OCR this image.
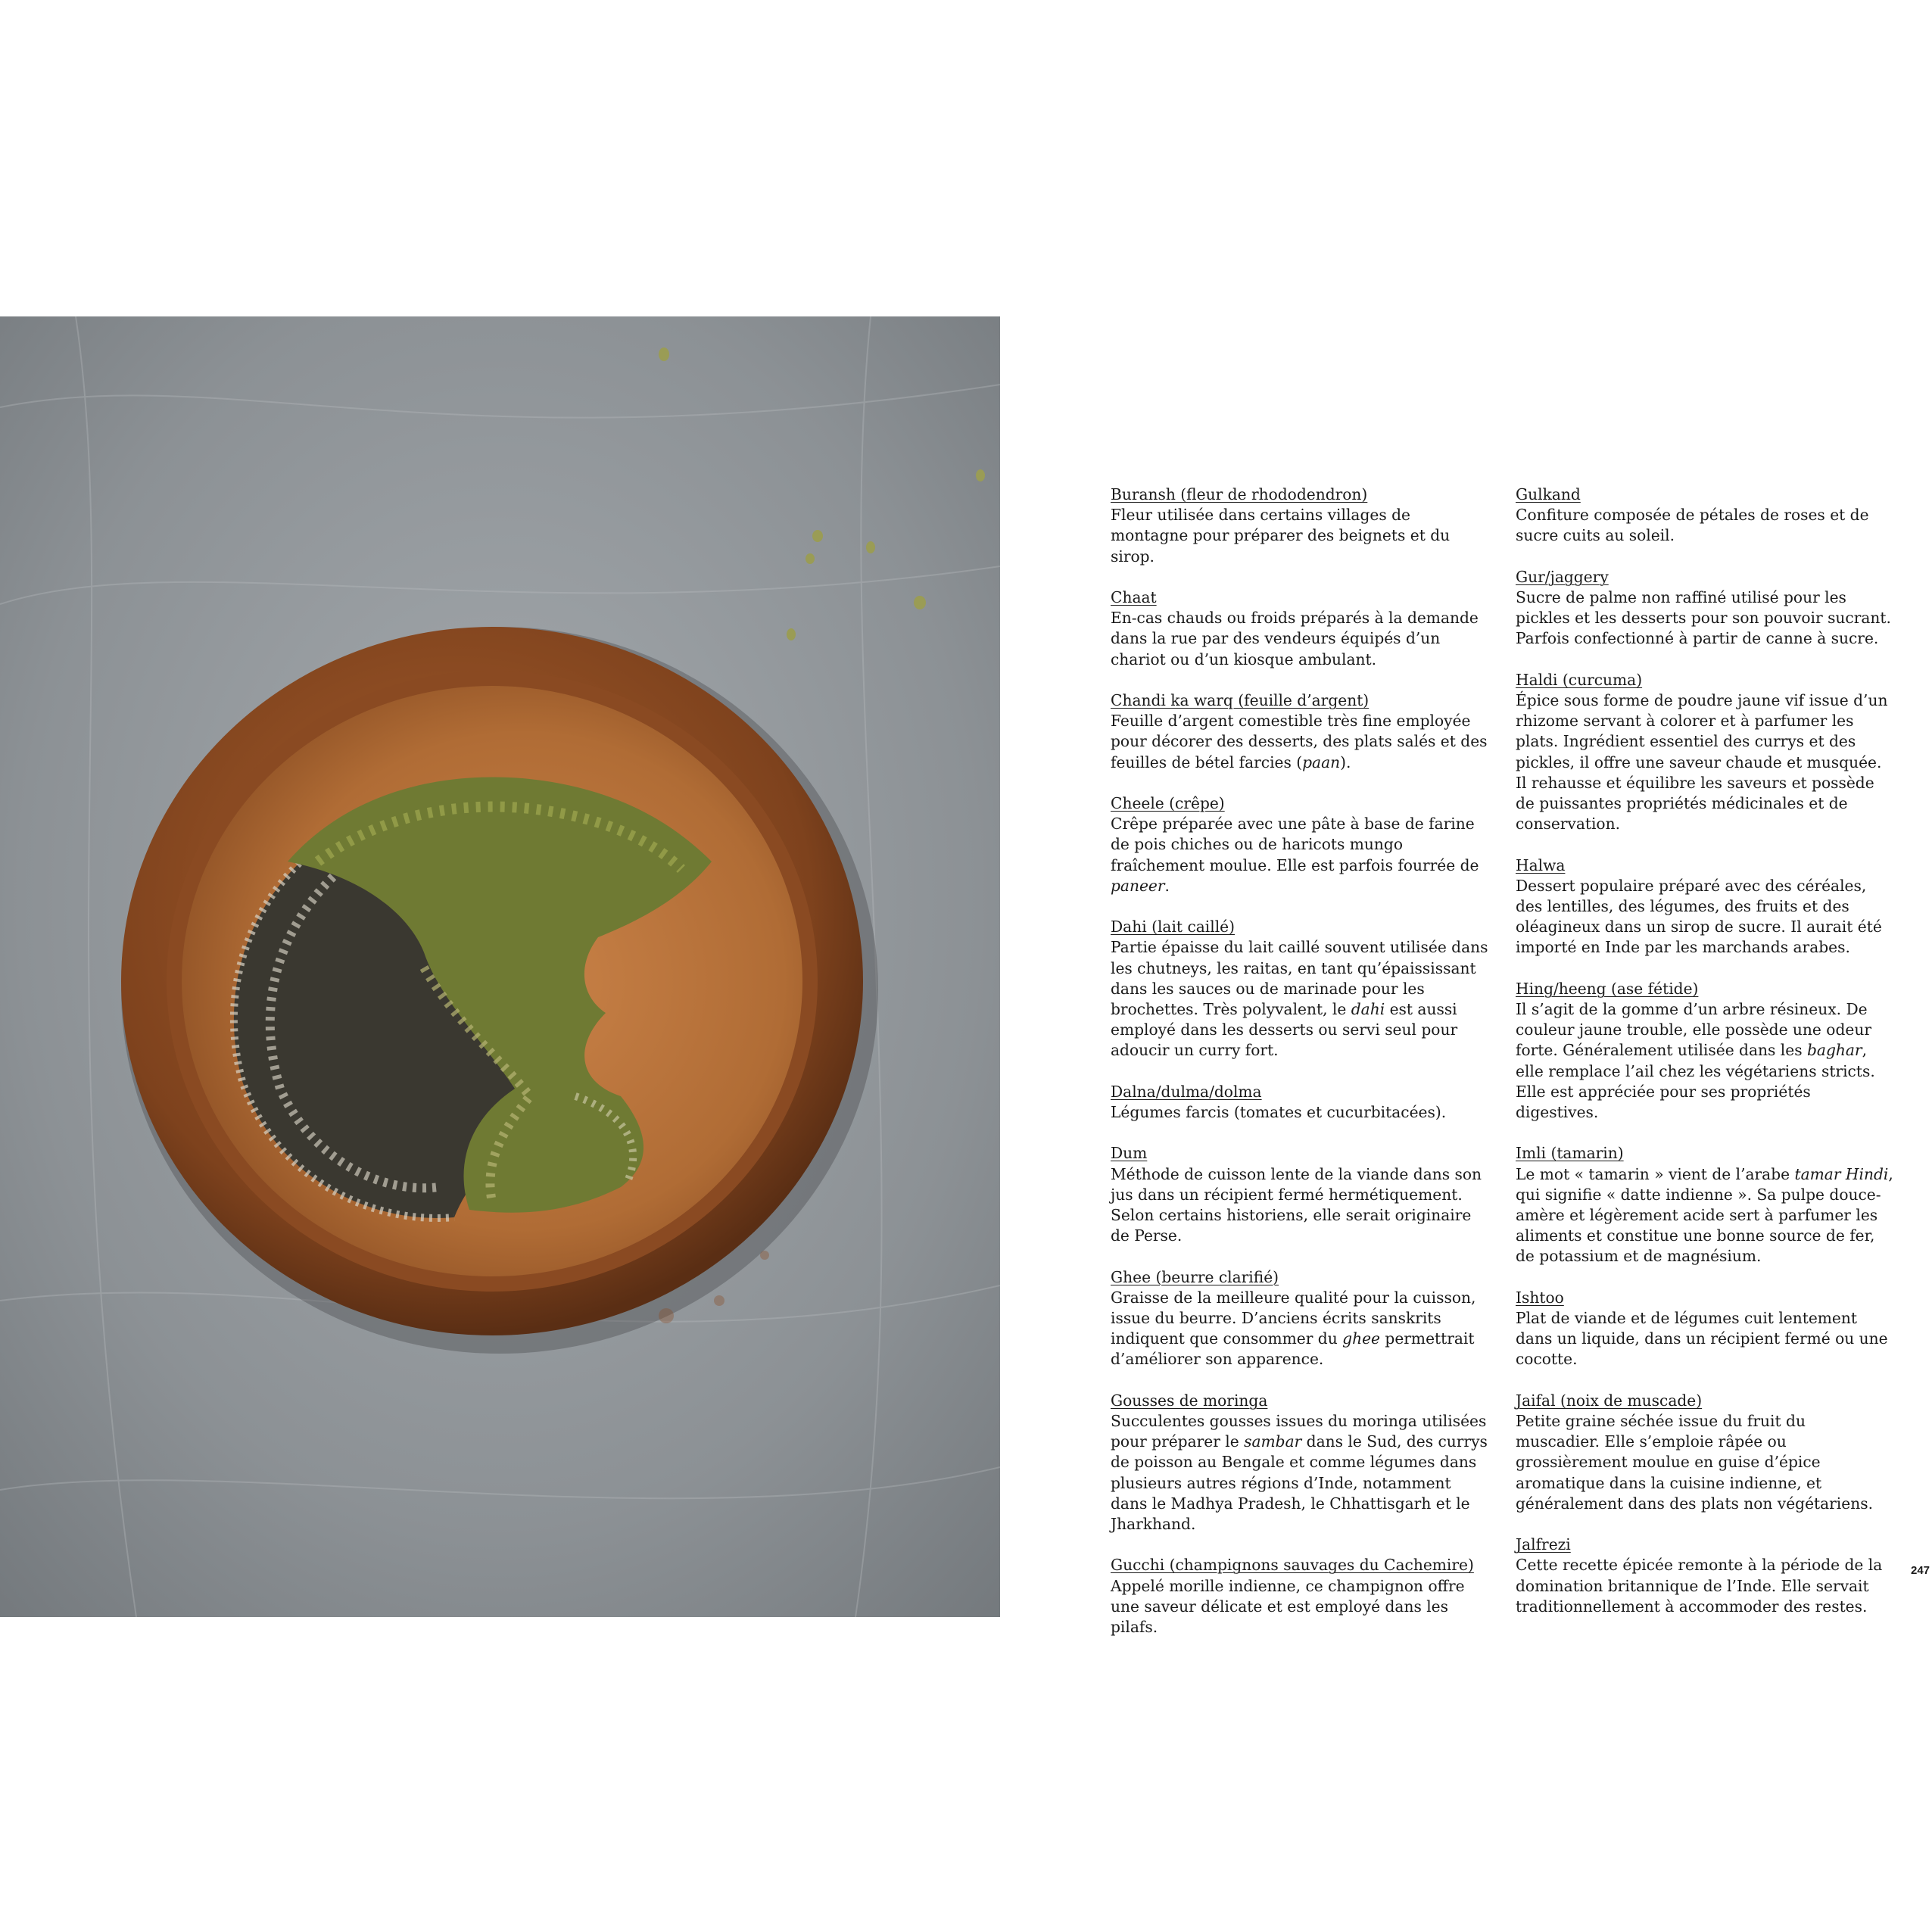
Buransh (fleur de rhododendron)
Fleur utilisée dans certains villages de montagne pour préparer des beignets et du sirop.
Chaat
En-cas chauds ou froids préparés à la demande dans la rue par des vendeurs équipés d’un chariot ou d’un kiosque ambulant.
Chandi ka warq (feuille d’argent)
Feuille d’argent comestible très fine employée pour décorer des desserts, des plats salés et des feuilles de bétel farcies (paan).
Cheele (crêpe)
Crêpe préparée avec une pâte à base de farine de pois chiches ou de haricots mungo fraîchement moulue. Elle est parfois fourrée de paneer.
Dahi (lait caillé)
Partie épaisse du lait caillé souvent utilisée dans les chutneys, les raitas, en tant qu’épaississant dans les sauces ou de marinade pour les brochettes. Très polyvalent, le dahi est aussi employé dans les desserts ou servi seul pour adoucir un curry fort.
Dalna/dulma/dolma
Légumes farcis (tomates et cucurbitacées).
Dum
Méthode de cuisson lente de la viande dans son jus dans un récipient fermé hermétiquement. Selon certains historiens, elle serait originaire de Perse.
Ghee (beurre clarifié)
Graisse de la meilleure qualité pour la cuisson, issue du beurre. D’anciens écrits sanskrits indiquent que consommer du ghee permettrait d’améliorer son apparence.
Gousses de moringa
Succulentes gousses issues du moringa utilisées pour préparer le sambar dans le Sud, des currys de poisson au Bengale et comme légumes dans plusieurs autres régions d’Inde, notamment dans le Madhya Pradesh, le Chhattisgarh et le Jharkhand.
Gucchi (champignons sauvages du Cachemire)
Appelé morille indienne, ce champignon offre une saveur délicate et est employé dans les pilafs.
Gulkand
Confiture composée de pétales de roses et de sucre cuits au soleil.
Gur/jaggery
Sucre de palme non raffiné utilisé pour les pickles et les desserts pour son pouvoir sucrant. Parfois confectionné à partir de canne à sucre.
Haldi (curcuma)
Épice sous forme de poudre jaune vif issue d’un rhizome servant à colorer et à parfumer les plats. Ingrédient essentiel des currys et des pickles, il offre une saveur chaude et musquée. Il rehausse et équilibre les saveurs et possède de puissantes propriétés médicinales et de conservation.
Halwa
Dessert populaire préparé avec des céréales, des lentilles, des légumes, des fruits et des oléagineux dans un sirop de sucre. Il aurait été importé en Inde par les marchands arabes.
Hing/heeng (ase fétide)
Il s’agit de la gomme d’un arbre résineux. De couleur jaune trouble, elle possède une odeur forte. Généralement utilisée dans les baghar, elle remplace l’ail chez les végétariens stricts. Elle est appréciée pour ses propriétés digestives.
Imli (tamarin)
Le mot « tamarin » vient de l’arabe tamar Hindi, qui signifie « datte indienne ». Sa pulpe douce-amère et légèrement acide sert à parfumer les aliments et constitue une bonne source de fer, de potassium et de magnésium.
Ishtoo
Plat de viande et de légumes cuit lentement dans un liquide, dans un récipient fermé ou une cocotte.
Jaifal (noix de muscade)
Petite graine séchée issue du fruit du muscadier. Elle s’emploie râpée ou grossièrement moulue en guise d’épice aromatique dans la cuisine indienne, et généralement dans des plats non végétariens.
Jalfrezi
Cette recette épicée remonte à la période de la domination britannique de l’Inde. Elle servait traditionnellement à accommoder des restes.
247
